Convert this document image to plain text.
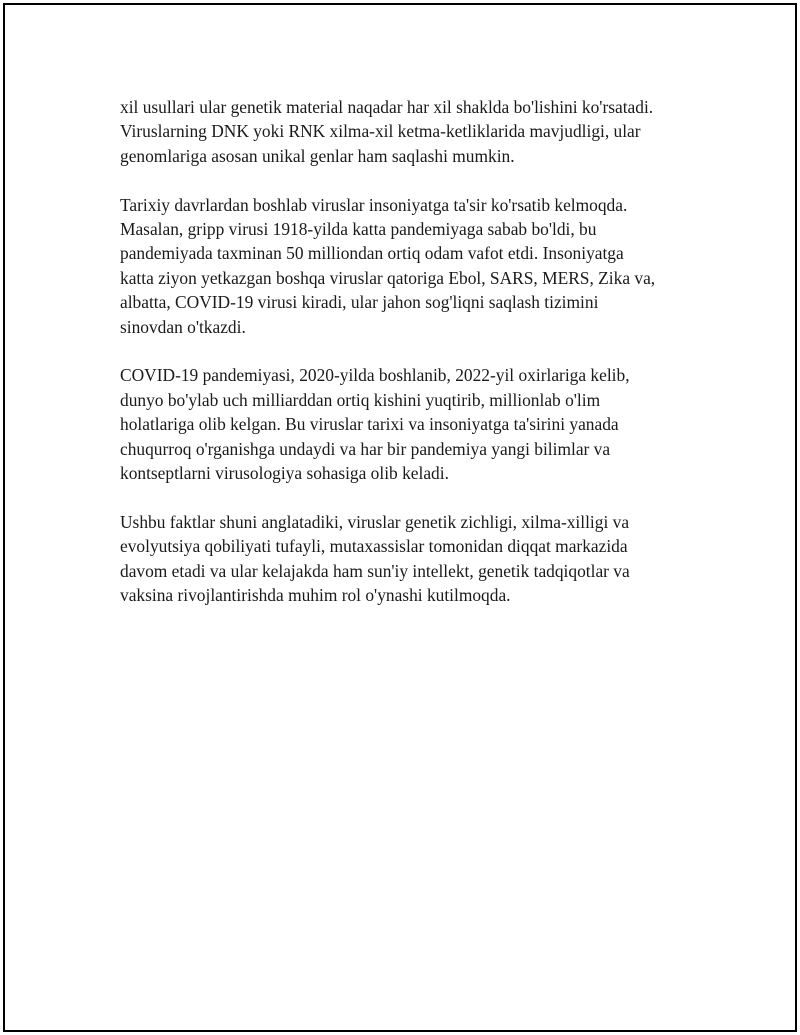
xil usullari ular genetik material naqadar har xil shaklda bo'lishini ko'rsatadi.
Viruslarning DNK yoki RNK xilma-xil ketma-ketliklarida mavjudligi, ular
genomlariga asosan unikal genlar ham saqlashi mumkin.

Tarixiy davrlardan boshlab viruslar insoniyatga ta'sir ko'rsatib kelmoqda.
Masalan, gripp virusi 1918-yilda katta pandemiyaga sabab bo'ldi, bu
pandemiyada taxminan 50 milliondan ortiq odam vafot etdi. Insoniyatga
katta ziyon yetkazgan boshqa viruslar qatoriga Ebol, SARS, MERS, Zika va,
albatta, COVID-19 virusi kiradi, ular jahon sog'liqni saqlash tizimini
sinovdan o'tkazdi.

COVID-19 pandemiyasi, 2020-yilda boshlanib, 2022-yil oxirlariga kelib,
dunyo bo'ylab uch milliarddan ortiq kishini yuqtirib, millionlab o'lim
holatlariga olib kelgan. Bu viruslar tarixi va insoniyatga ta'sirini yanada
chuqurroq o'rganishga undaydi va har bir pandemiya yangi bilimlar va
kontseptlarni virusologiya sohasiga olib keladi.

Ushbu faktlar shuni anglatadiki, viruslar genetik zichligi, xilma-xilligi va
evolyutsiya qobiliyati tufayli, mutaxassislar tomonidan diqqat markazida
davom etadi va ular kelajakda ham sun'iy intellekt, genetik tadqiqotlar va
vaksina rivojlantirishda muhim rol o'ynashi kutilmoqda.
